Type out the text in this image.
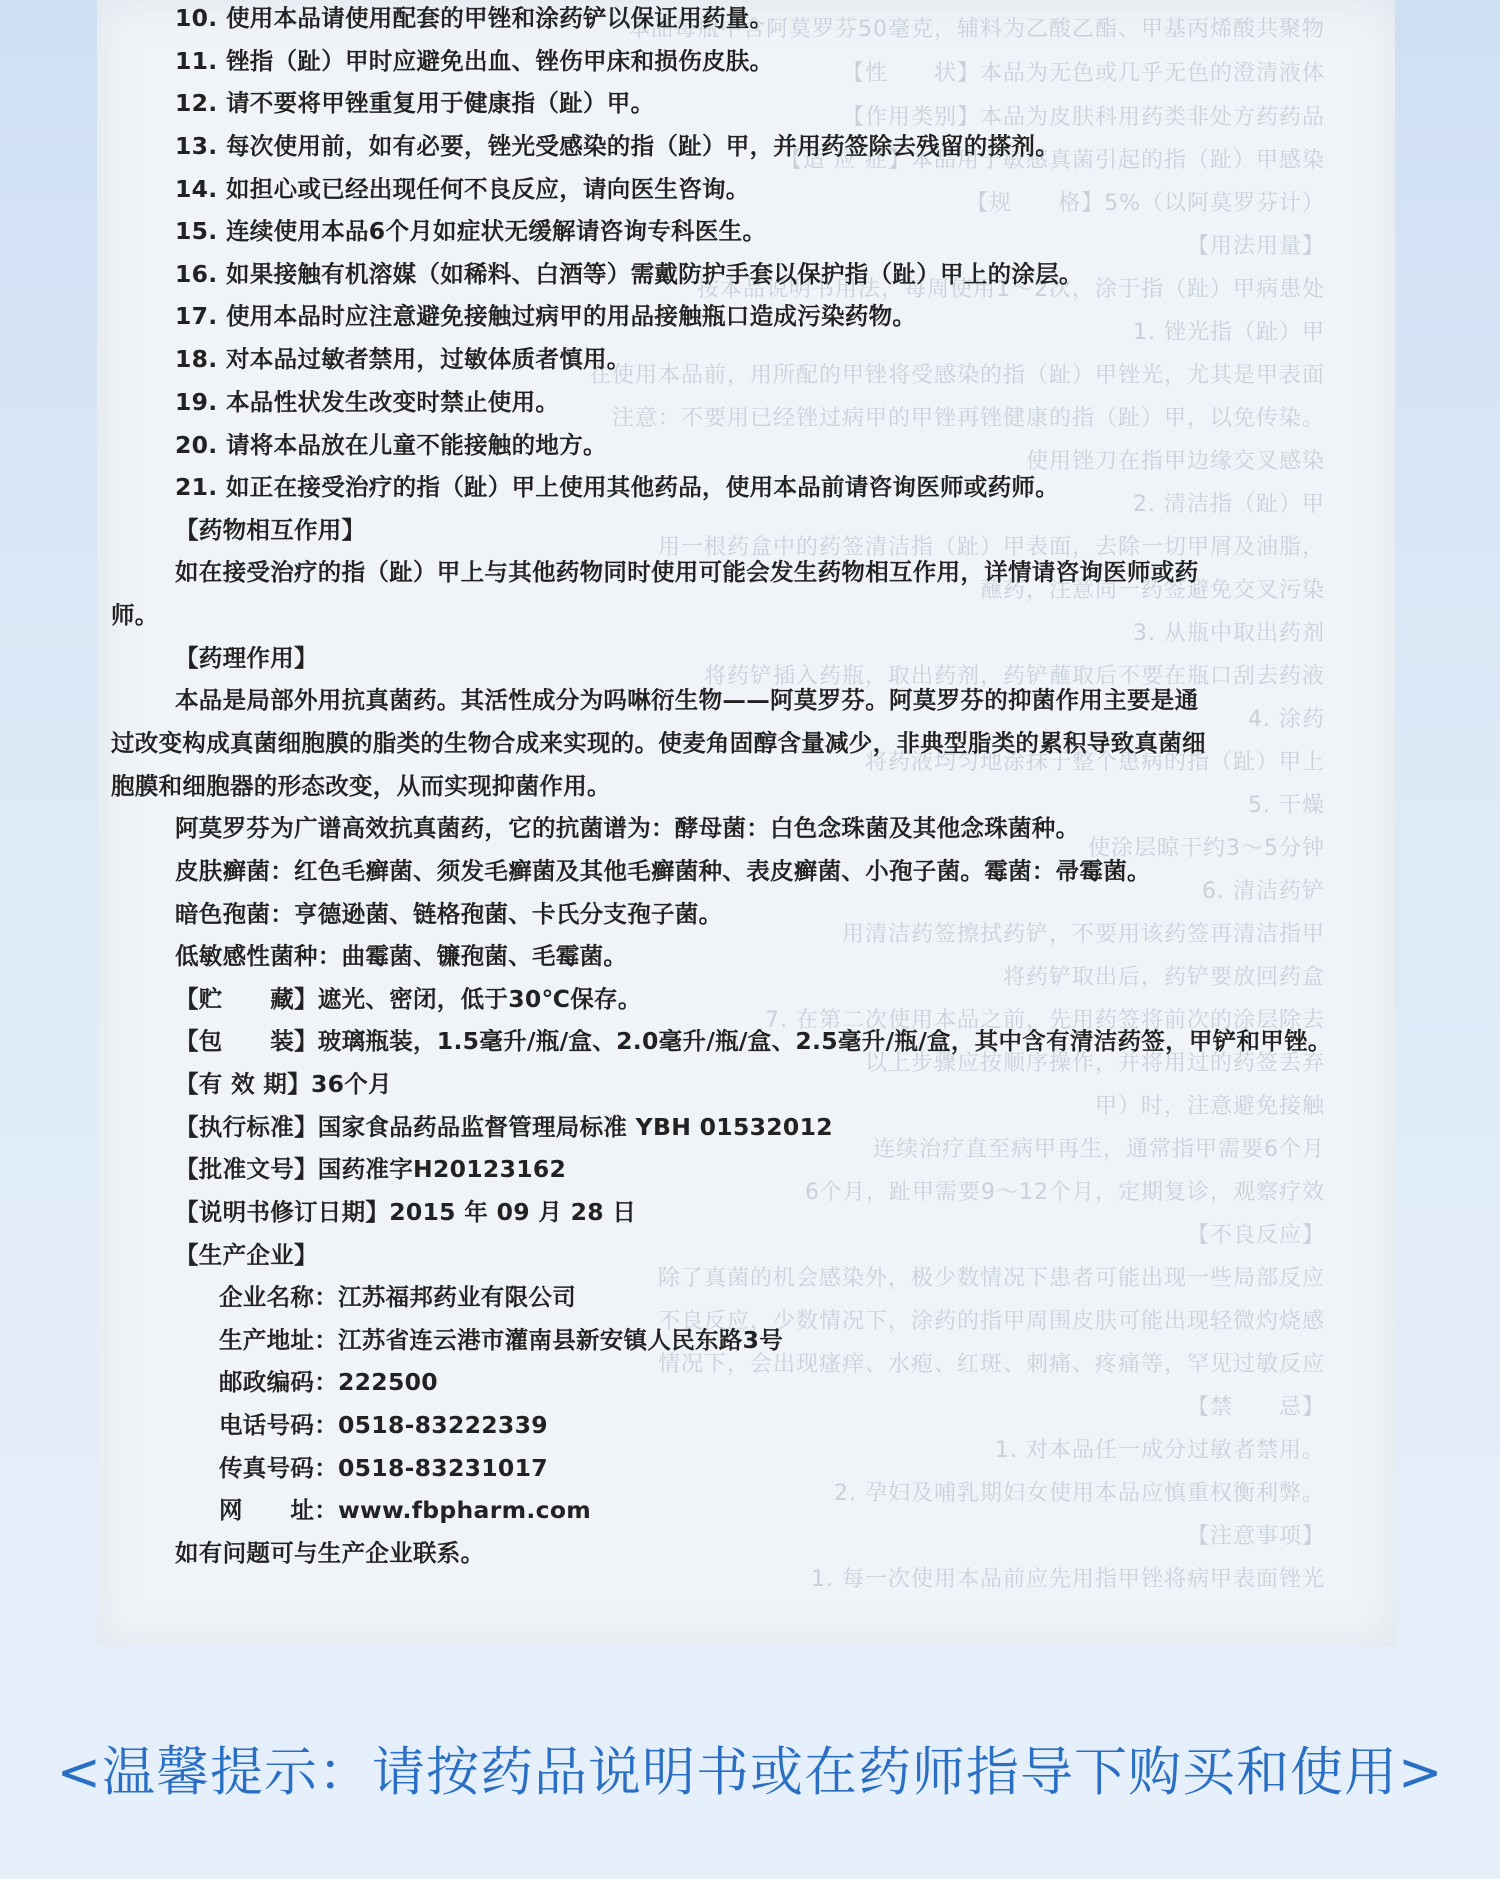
本品每瓶中含阿莫罗芬50毫克，辅料为乙酸乙酯、甲基丙烯酸共聚物
【性　　状】本品为无色或几乎无色的澄清液体
【作用类别】本品为皮肤科用药类非处方药药品
【适 应 症】本品用于敏感真菌引起的指（趾）甲感染
【规　　格】5%（以阿莫罗芬计）
【用法用量】
按本品说明书用法，每周使用1～2次，涂于指（趾）甲病患处
1. 锉光指（趾）甲
在使用本品前，用所配的甲锉将受感染的指（趾）甲锉光，尤其是甲表面
注意：不要用已经锉过病甲的甲锉再锉健康的指（趾）甲，以免传染。
使用锉刀在指甲边缘交叉感染
2. 清洁指（趾）甲
用一根药盒中的药签清洁指（趾）甲表面，去除一切甲屑及油脂，
蘸药，注意同一药签避免交叉污染
3. 从瓶中取出药剂
将药铲插入药瓶，取出药剂，药铲蘸取后不要在瓶口刮去药液
4. 涂药
将药液均匀地涂抹于整个患病的指（趾）甲上
5. 干燥
使涂层晾干约3～5分钟
6. 清洁药铲
用清洁药签擦拭药铲，不要用该药签再清洁指甲
将药铲取出后，药铲要放回药盒
7. 在第二次使用本品之前，先用药签将前次的涂层除去
以上步骤应按顺序操作，并将用过的药签丢弃
甲）时，注意避免接触
连续治疗直至病甲再生，通常指甲需要6个月
6个月，趾甲需要9～12个月，定期复诊，观察疗效
【不良反应】
除了真菌的机会感染外，极少数情况下患者可能出现一些局部反应
不良反应，少数情况下，涂药的指甲周围皮肤可能出现轻微灼烧感
情况下，会出现瘙痒、水疱、红斑、刺痛、疼痛等，罕见过敏反应
【禁　　忌】
1. 对本品任一成分过敏者禁用。
2. 孕妇及哺乳期妇女使用本品应慎重权衡利弊。
【注意事项】
1. 每一次使用本品前应先用指甲锉将病甲表面锉光
10. 使用本品请使用配套的甲锉和涂药铲以保证用药量。
11. 锉指（趾）甲时应避免出血、锉伤甲床和损伤皮肤。
12. 请不要将甲锉重复用于健康指（趾）甲。
13. 每次使用前，如有必要，锉光受感染的指（趾）甲，并用药签除去残留的搽剂。
14. 如担心或已经出现任何不良反应，请向医生咨询。
15. 连续使用本品6个月如症状无缓解请咨询专科医生。
16. 如果接触有机溶媒（如稀料、白酒等）需戴防护手套以保护指（趾）甲上的涂层。
17. 使用本品时应注意避免接触过病甲的用品接触瓶口造成污染药物。
18. 对本品过敏者禁用，过敏体质者慎用。
19. 本品性状发生改变时禁止使用。
20. 请将本品放在儿童不能接触的地方。
21. 如正在接受治疗的指（趾）甲上使用其他药品，使用本品前请咨询医师或药师。
【药物相互作用】
如在接受治疗的指（趾）甲上与其他药物同时使用可能会发生药物相互作用，详情请咨询医师或药
师。
【药理作用】
本品是局部外用抗真菌药。其活性成分为吗啉衍生物——阿莫罗芬。阿莫罗芬的抑菌作用主要是通
过改变构成真菌细胞膜的脂类的生物合成来实现的。使麦角固醇含量减少，非典型脂类的累积导致真菌细
胞膜和细胞器的形态改变，从而实现抑菌作用。
阿莫罗芬为广谱高效抗真菌药，它的抗菌谱为：酵母菌：白色念珠菌及其他念珠菌种。
皮肤癣菌：红色毛癣菌、须发毛癣菌及其他毛癣菌种、表皮癣菌、小孢子菌。霉菌：帚霉菌。
暗色孢菌：亨德逊菌、链格孢菌、卡氏分支孢子菌。
低敏感性菌种：曲霉菌、镰孢菌、毛霉菌。
【贮　　藏】遮光、密闭，低于30℃保存。
【包　　装】玻璃瓶装，1.5毫升/瓶/盒、2.0毫升/瓶/盒、2.5毫升/瓶/盒，其中含有清洁药签，甲铲和甲锉。
【有 效 期】36个月
【执行标准】国家食品药品监督管理局标准 YBH 01532012
【批准文号】国药准字H20123162
【说明书修订日期】2015 年 09 月 28 日
【生产企业】
企业名称：江苏福邦药业有限公司
生产地址：江苏省连云港市灌南县新安镇人民东路3号
邮政编码：222500
电话号码：0518-83222339
传真号码：0518-83231017
网　　址：www.fbpharm.com
如有问题可与生产企业联系。
<温馨提示：请按药品说明书或在药师指导下购买和使用>
